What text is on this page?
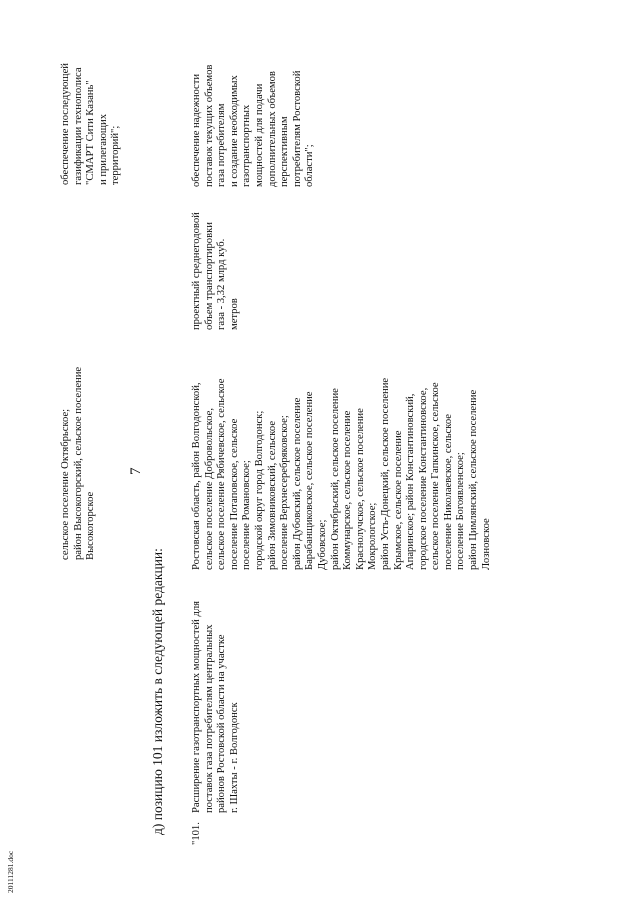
7
сельское поселение Октябрьское; район Высокогорский, сельское поселение Высокогорское
обеспечение последующей газификации технополиса "СМАРТ Сити Казань" и прилегающих территорий";
д) позицию 101 изложить в следующей редакции: "101.
Расширение газотранспортных мощностей для поставок газа потребителям центральных районов Ростовской области на участке г. Шахты - г. Волгодонск
Ростовская область, район Волгодонской, сельское поселение Добровольское, сельское поселение Рябичевское, сельское поселение Потаповское, сельское поселение Романовское; городской округ город Волгодонск; район Зимовниковский, сельское поселение Верхнесеребряковское; район Дубовский, сельское поселение Барабанщиковское, сельское поселение Дубовское; район Октябрьский, сельское поселение Коммунарское, сельское поселение Краснолучское, сельское поселение Мокрологское; район Усть-Донецкий, сельское поселение Крымское, сельское поселение Апаринское; район Константиновский, городское поселение Константиновское, сельское поселение Гапкинское, сельское поселение Николаевское, сельское поселение Богоявленское; район Цимлянский, сельское поселение Лозновское
проектный среднегодовой объем транспортировки газа - 3,32 млрд куб. метров
обеспечение надежности поставок текущих объемов газа потребителям и создание необходимых газотранспортных мощностей для подачи дополнительных объемов перспективным потребителям Ростовской области";
20111281.doc
